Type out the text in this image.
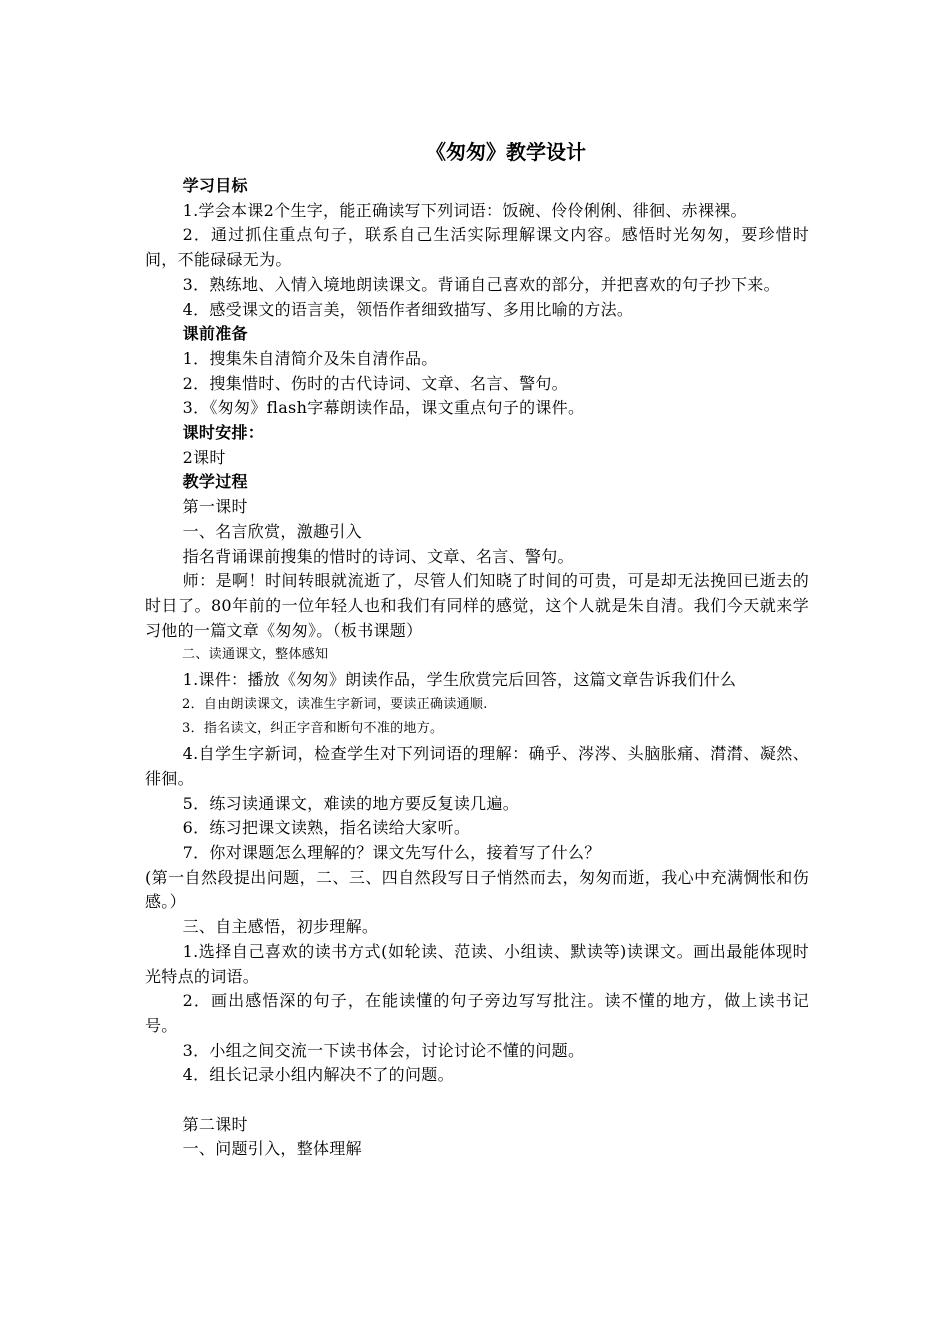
《匆匆》教学设计

学习目标

1.学会本课2个生字，能正确读写下列词语：饭碗、伶伶俐俐、徘徊、赤裸裸。

2．通过抓住重点句子，联系自己生活实际理解课文内容。感悟时光匆匆，要珍惜时间，不能碌碌无为。

3．熟练地、入情入境地朗读课文。背诵自己喜欢的部分，并把喜欢的句子抄下来。

4．感受课文的语言美，领悟作者细致描写、多用比喻的方法。

课前准备

1．搜集朱自清简介及朱自清作品。

2．搜集惜时、伤时的古代诗词、文章、名言、警句。

3．《匆匆》flash字幕朗读作品，课文重点句子的课件。

课时安排：

2课时

教学过程

第一课时

一、名言欣赏，激趣引入

指名背诵课前搜集的惜时的诗词、文章、名言、警句。

师：是啊！时间转眼就流逝了，尽管人们知晓了时间的可贵，可是却无法挽回已逝去的时日了。80年前的一位年轻人也和我们有同样的感觉，这个人就是朱自清。我们今天就来学习他的一篇文章《匆匆》。（板书课题）

二、读通课文，整体感知

1.课件：播放《匆匆》朗读作品，学生欣赏完后回答，这篇文章告诉我们什么

2．自由朗读课文，读准生字新词，要读正确读通顺.

3．指名读文，纠正字音和断句不准的地方。

4.自学生字新词，检查学生对下列词语的理解：确乎、涔涔、头脑胀痛、潸潸、凝然、徘徊。

5．练习读通课文，难读的地方要反复读几遍。

6．练习把课文读熟，指名读给大家听。

7．你对课题怎么理解的？课文先写什么，接着写了什么？

(第一自然段提出问题，二、三、四自然段写日子悄然而去，匆匆而逝，我心中充满惆怅和伤感。）

三、自主感悟，初步理解。

1.选择自己喜欢的读书方式(如轮读、范读、小组读、默读等)读课文。画出最能体现时光特点的词语。

2．画出感悟深的句子，在能读懂的句子旁边写写批注。读不懂的地方，做上读书记号。

3．小组之间交流一下读书体会，讨论讨论不懂的问题。

4．组长记录小组内解决不了的问题。

第二课时

一、问题引入，整体理解
